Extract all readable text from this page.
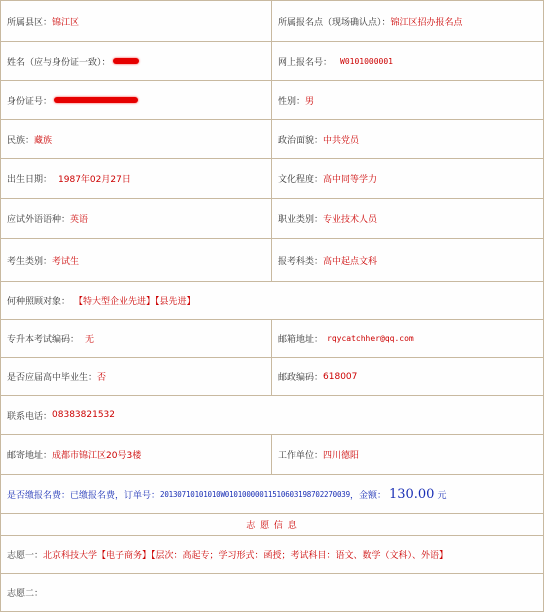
所属县区： 锦江区	所属报名点（现场确认点）： 锦江区招办报名点
姓名（应与身份证一致）：	网上报名号： W0101000001
身份证号：	性别： 男
民族： 藏族	政治面貌： 中共党员
出生日期： 1987年02月27日	文化程度： 高中同等学力
应试外语语种： 英语	职业类别： 专业技术人员
考生类别： 考试生	报考科类： 高中起点文科
何种照顾对象： 【特大型企业先进】【县先进】
专升本考试编码： 无	邮箱地址： rqycatchher@qq.com
是否应届高中毕业生： 否	邮政编码： 618007
联系电话： 08383821532
邮寄地址： 成都市锦江区20号3楼	工作单位： 四川德阳
是否缴报名费： 已缴报名费 ，订单号： 20130710101010W0101000001151060319870227​0039 ，金额： 130.00 元
志 愿 信 息
志愿一： 北京科技大学【电子商务】【层次：高起专；学习形式：函授；考试科目：语文、数学（文科）、外语】
志愿二：
